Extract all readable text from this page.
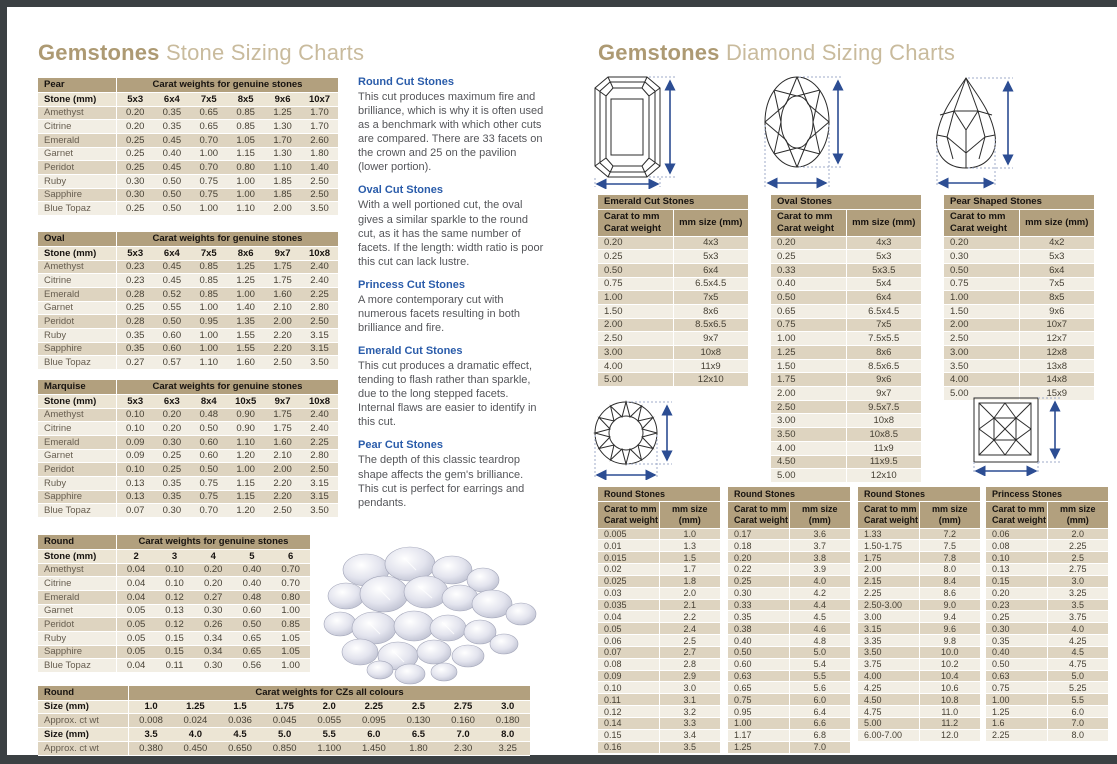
Gemstones Stone Sizing Charts	Gemstones Diamond Sizing Charts
Pear	Carat weights for genuine stones					
Stone (mm)	5x3	6x4	7x5	8x5	9x6	10x7
Amethyst	0.20	0.35	0.65	0.85	1.25	1.70
Citrine	0.20	0.35	0.65	0.85	1.30	1.70
Emerald	0.25	0.45	0.70	1.05	1.70	2.60
Garnet	0.25	0.40	1.00	1.15	1.30	1.80
Peridot	0.25	0.45	0.70	0.80	1.10	1.40
Ruby	0.30	0.50	0.75	1.00	1.85	2.50
Sapphire	0.30	0.50	0.75	1.00	1.85	2.50
Blue Topaz	0.25	0.50	1.00	1.10	2.00	3.50
Oval	Carat weights for genuine stones					
Stone (mm)	5x3	6x4	7x5	8x6	9x7	10x8
Amethyst	0.23	0.45	0.85	1.25	1.75	2.40
Citrine	0.23	0.45	0.85	1.25	1.75	2.40
Emerald	0.28	0.52	0.85	1.00	1.60	2.25
Garnet	0.25	0.55	1.00	1.40	2.10	2.80
Peridot	0.28	0.50	0.95	1.35	2.00	2.50
Ruby	0.35	0.60	1.00	1.55	2.20	3.15
Sapphire	0.35	0.60	1.00	1.55	2.20	3.15
Blue Topaz	0.27	0.57	1.10	1.60	2.50	3.50
Marquise	Carat weights for genuine stones					
Stone (mm)	5x3	6x3	8x4	10x5	9x7	10x8
Amethyst	0.10	0.20	0.48	0.90	1.75	2.40
Citrine	0.10	0.20	0.50	0.90	1.75	2.40
Emerald	0.09	0.30	0.60	1.10	1.60	2.25
Garnet	0.09	0.25	0.60	1.20	2.10	2.80
Peridot	0.10	0.25	0.50	1.00	2.00	2.50
Ruby	0.13	0.35	0.75	1.15	2.20	3.15
Sapphire	0.13	0.35	0.75	1.15	2.20	3.15
Blue Topaz	0.07	0.30	0.70	1.20	2.50	3.50
Round	Carat weights for genuine stones				
Stone (mm)	2	3	4	5	6
Amethyst	0.04	0.10	0.20	0.40	0.70
Citrine	0.04	0.10	0.20	0.40	0.70
Emerald	0.04	0.12	0.27	0.48	0.80
Garnet	0.05	0.13	0.30	0.60	1.00
Peridot	0.05	0.12	0.26	0.50	0.85
Ruby	0.05	0.15	0.34	0.65	1.05
Sapphire	0.05	0.15	0.34	0.65	1.05
Blue Topaz	0.04	0.11	0.30	0.56	1.00
Round	Carat weights for CZs all colours								
Size (mm)	1.0	1.25	1.5	1.75	2.0	2.25	2.5	2.75	3.0
Approx. ct wt	0.008	0.024	0.036	0.045	0.055	0.095	0.130	0.160	0.180
Size (mm)	3.5	4.0	4.5	5.0	5.5	6.0	6.5	7.0	8.0
Approx. ct wt	0.380	0.450	0.650	0.850	1.100	1.450	1.80	2.30	3.25
Round Cut Stones

This cut produces maximum fire and brilliance, which is why it is often used as a benchmark with which other cuts are compared. There are 33 facets on the crown and 25 on the pavilion (lower portion).

Oval Cut Stones

With a well portioned cut, the oval gives a similar sparkle to the round cut, as it has the same number of facets. If the length: width ratio is poor this cut can lack lustre.

Princess Cut Stones

A more contemporary cut with numerous facets resulting in both brilliance and fire.

Emerald Cut Stones

This cut produces a dramatic effect, tending to flash rather than sparkle, due to the long stepped facets. Internal flaws are easier to identify in this cut.

Pear Cut Stones

The depth of this classic teardrop shape affects the gem's brilliance. This cut is perfect for earrings and pendants.

Emerald Cut Stones	
Carat to mm
Carat weight	mm size (mm)
0.20	4x3
0.25	5x3
0.50	6x4
0.75	6.5x4.5
1.00	7x5
1.50	8x6
2.00	8.5x6.5
2.50	9x7
3.00	10x8
4.00	11x9
5.00	12x10
Oval Stones	
Carat to mm
Carat weight	mm size (mm)
0.20	4x3
0.25	5x3
0.33	5x3.5
0.40	5x4
0.50	6x4
0.65	6.5x4.5
0.75	7x5
1.00	7.5x5.5
1.25	8x6
1.50	8.5x6.5
1.75	9x6
2.00	9x7
2.50	9.5x7.5
3.00	10x8
3.50	10x8.5
4.00	11x9
4.50	11x9.5
5.00	12x10
Pear Shaped Stones	
Carat to mm
Carat weight	mm size (mm)
0.20	4x2
0.30	5x3
0.50	6x4
0.75	7x5
1.00	8x5
1.50	9x6
2.00	10x7
2.50	12x7
3.00	12x8
3.50	13x8
4.00	14x8
5.00	15x9
Round Stones	
Carat to mm
Carat weight	mm size
(mm)
0.005	1.0
0.01	1.3
0.015	1.5
0.02	1.7
0.025	1.8
0.03	2.0
0.035	2.1
0.04	2.2
0.05	2.4
0.06	2.5
0.07	2.7
0.08	2.8
0.09	2.9
0.10	3.0
0.11	3.1
0.12	3.2
0.14	3.3
0.15	3.4
0.16	3.5
Round Stones	
Carat to mm
Carat weight	mm size
(mm)
0.17	3.6
0.18	3.7
0.20	3.8
0.22	3.9
0.25	4.0
0.30	4.2
0.33	4.4
0.35	4.5
0.38	4.6
0.40	4.8
0.50	5.0
0.60	5.4
0.63	5.5
0.65	5.6
0.75	6.0
0.95	6.4
1.00	6.6
1.17	6.8
1.25	7.0
Round Stones	
Carat to mm
Carat weight	mm size
(mm)
1.33	7.2
1.50-1.75	7.5
1.75	7.8
2.00	8.0
2.15	8.4
2.25	8.6
2.50-3.00	9.0
3.00	9.4
3.15	9.6
3.35	9.8
3.50	10.0
3.75	10.2
4.00	10.4
4.25	10.6
4.50	10.8
4.75	11.0
5.00	11.2
6.00-7.00	12.0
Princess Stones	
Carat to mm
Carat weight	mm size
(mm)
0.06	2.0
0.08	2.25
0.10	2.5
0.13	2.75
0.15	3.0
0.20	3.25
0.23	3.5
0.25	3.75
0.30	4.0
0.35	4.25
0.40	4.5
0.50	4.75
0.63	5.0
0.75	5.25
1.00	5.5
1.25	6.0
1.6	7.0
2.25	8.0
